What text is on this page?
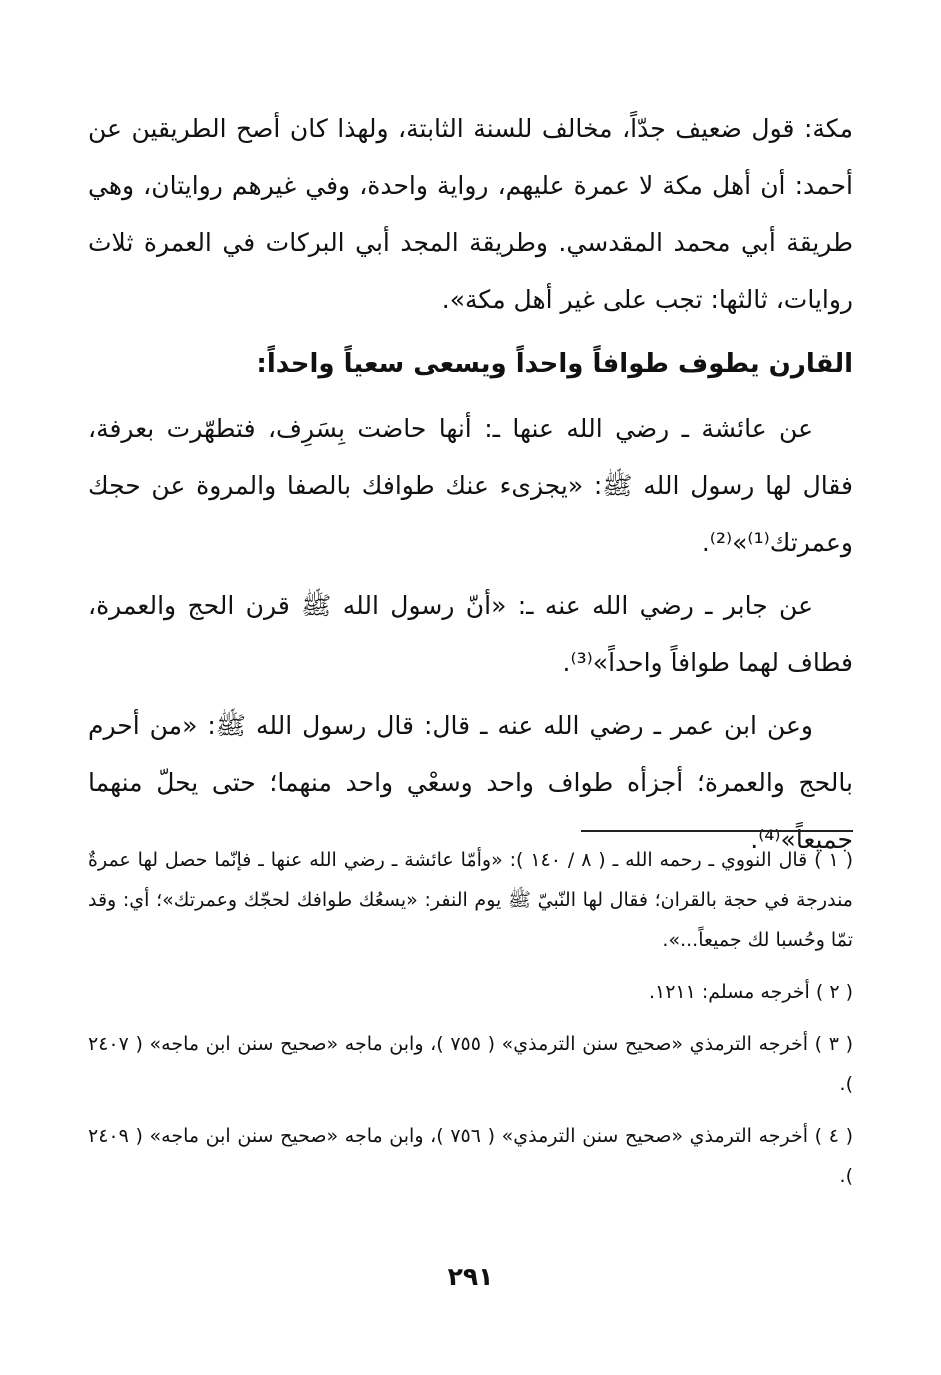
مكة: قول ضعيف جدّاً، مخالف للسنة الثابتة، ولهذا كان أصح الطريقين عن أحمد: أن أهل مكة لا عمرة عليهم، رواية واحدة، وفي غيرهم روايتان، وهي طريقة أبي محمد المقدسي. وطريقة المجد أبي البركات في العمرة ثلاث روايات، ثالثها: تجب على غير أهل مكة».

القارن يطوف طوافاً واحداً ويسعى سعياً واحداً:

عن عائشة ـ رضي الله عنها ـ: أنها حاضت بِسَرِف، فتطهّرت بعرفة، فقال لها رسول الله ﷺ: «يجزىء عنك طوافك بالصفا والمروة عن حجك وعمرتك⁽¹⁾»⁽²⁾.

عن جابر ـ رضي الله عنه ـ: «أنّ رسول الله ﷺ قرن الحج والعمرة، فطاف لهما طوافاً واحداً»⁽³⁾.

وعن ابن عمر ـ رضي الله عنه ـ قال: قال رسول الله ﷺ: «من أحرم بالحج والعمرة؛ أجزأه طواف واحد وسعْي واحد منهما؛ حتى يحلّ منهما جميعاً»⁽⁴⁾.

( ١ ) قال النووي ـ رحمه الله ـ ( ٨ / ١٤٠ ): «وأمّا عائشة ـ رضي الله عنها ـ فإنّما حصل لها عمرةٌ مندرجة في حجة بالقران؛ فقال لها النّبيّ ﷺ يوم النفر: «يسعُك طوافك لحجّك وعمرتك»؛ أي: وقد تمّا وحُسبا لك جميعاً...».

( ٢ ) أخرجه مسلم: ١٢١١.

( ٣ ) أخرجه الترمذي «صحيح سنن الترمذي» ( ٧٥٥ )، وابن ماجه «صحيح سنن ابن ماجه» ( ٢٤٠٧ ).

( ٤ ) أخرجه الترمذي «صحيح سنن الترمذي» ( ٧٥٦ )، وابن ماجه «صحيح سنن ابن ماجه» ( ٢٤٠٩ ).

٢٩١
